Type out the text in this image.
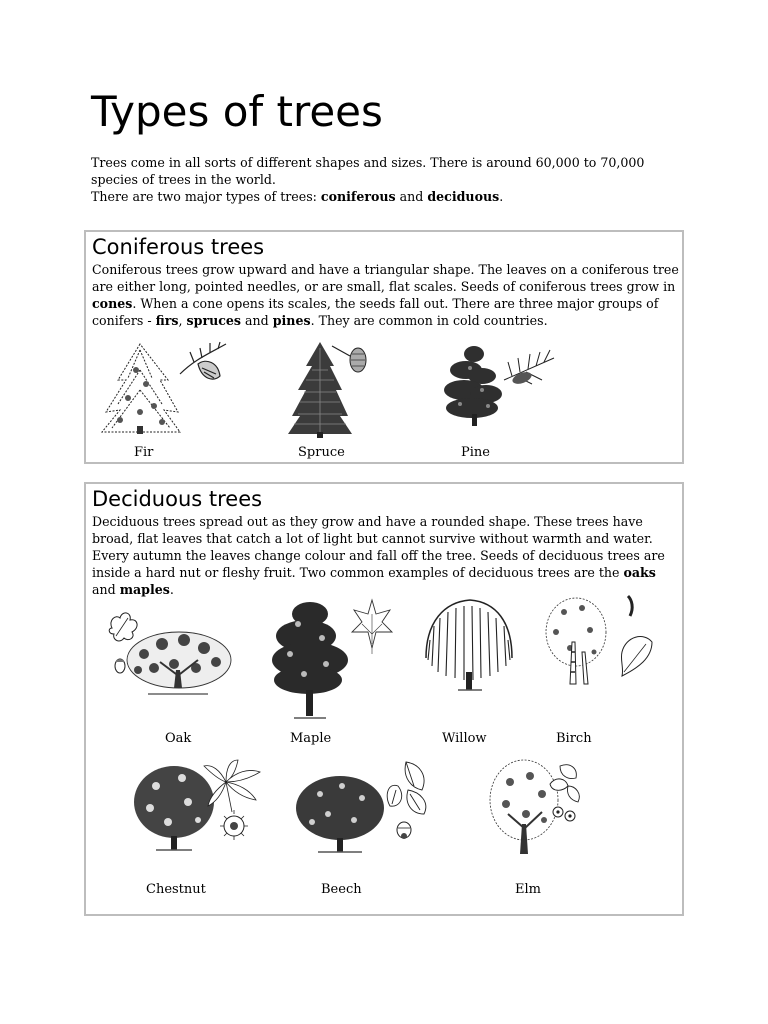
Types of trees

Trees come in all sorts of different shapes and sizes. There is around 60,000 to 70,000 species of trees in the world.

There are two major types of trees: coniferous and deciduous.

Coniferous trees
Coniferous trees grow upward and have a triangular shape. The leaves on a coniferous tree are either long, pointed needles, or are small, flat scales. Seeds of coniferous trees grow in cones. When a cone opens its scales, the seeds fall out. There are three major groups of conifers - firs, spruces and pines. They are common in cold countries.
Fir	Spruce	Pine
Deciduous trees
Deciduous trees spread out as they grow and have a rounded shape. These trees have broad, flat leaves that catch a lot of light but cannot survive without warmth and water. Every autumn the leaves change colour and fall off the tree. Seeds of deciduous trees are inside a hard nut or fleshy fruit. Two common examples of deciduous trees are the oaks and maples.
Oak	Maple	Willow	Birch
Chestnut	Beech	Elm
